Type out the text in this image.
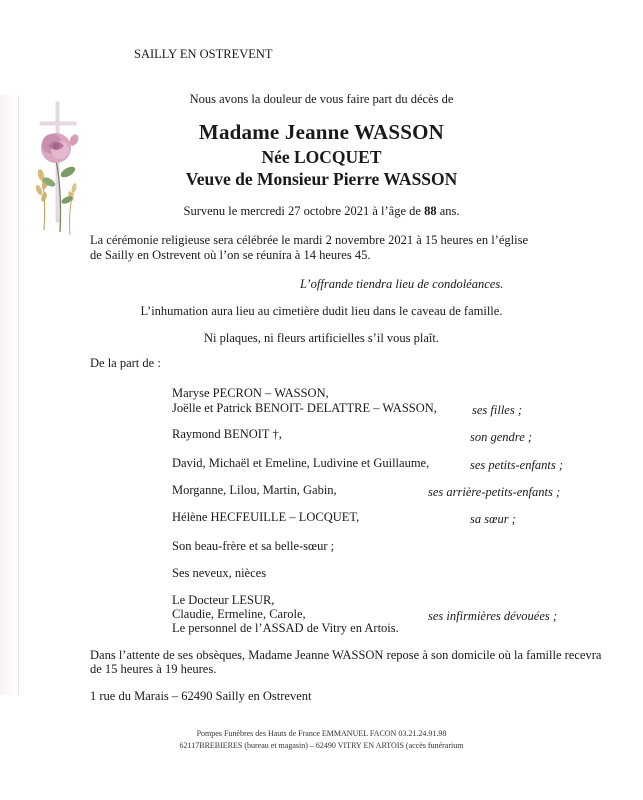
SAILLY EN OSTREVENT
Nous avons la douleur de vous faire part du décès de
Madame Jeanne WASSON
Née LOCQUET
Veuve de Monsieur Pierre WASSON
Survenu le mercredi 27 octobre 2021 à l’âge de 88 ans.
La cérémonie religieuse sera célébrée le mardi 2 novembre 2021 à 15 heures en l’église
de Sailly en Ostrevent où l’on se réunira à 14 heures 45.
L’offrande tiendra lieu de condoléances.
L’inhumation aura lieu au cimetière dudit lieu dans le caveau de famille.
Ni plaques, ni fleurs artificielles s’il vous plaît.
De la part de :
Maryse PECRON – WASSON,
Joëlle et Patrick BENOIT- DELATTRE – WASSON,	ses filles ;
Raymond BENOIT †,	son gendre ;
David, Michaël et Emeline, Ludivine et Guillaume,	ses petits-enfants ;
Morganne, Lilou, Martin, Gabin,	ses arrière-petits-enfants ;
Hélène HECFEUILLE – LOCQUET,	sa sœur ;
Son beau-frère et sa belle-sœur ;
Ses neveux, nièces
Le Docteur LESUR,
Claudie, Ermeline, Carole,	ses infirmières dévouées ;
Le personnel de l’ASSAD de Vitry en Artois.
Dans l’attente de ses obsèques, Madame Jeanne WASSON repose à son domicile où la famille recevra
de 15 heures à 19 heures.
1 rue du Marais – 62490 Sailly en Ostrevent
Pompes Funèbres des Hauts de France EMMANUEL FACON 03.21.24.91.98
62117BREBIERES (bureau et magasin) – 62490 VITRY EN ARTOIS (accès funérarium
